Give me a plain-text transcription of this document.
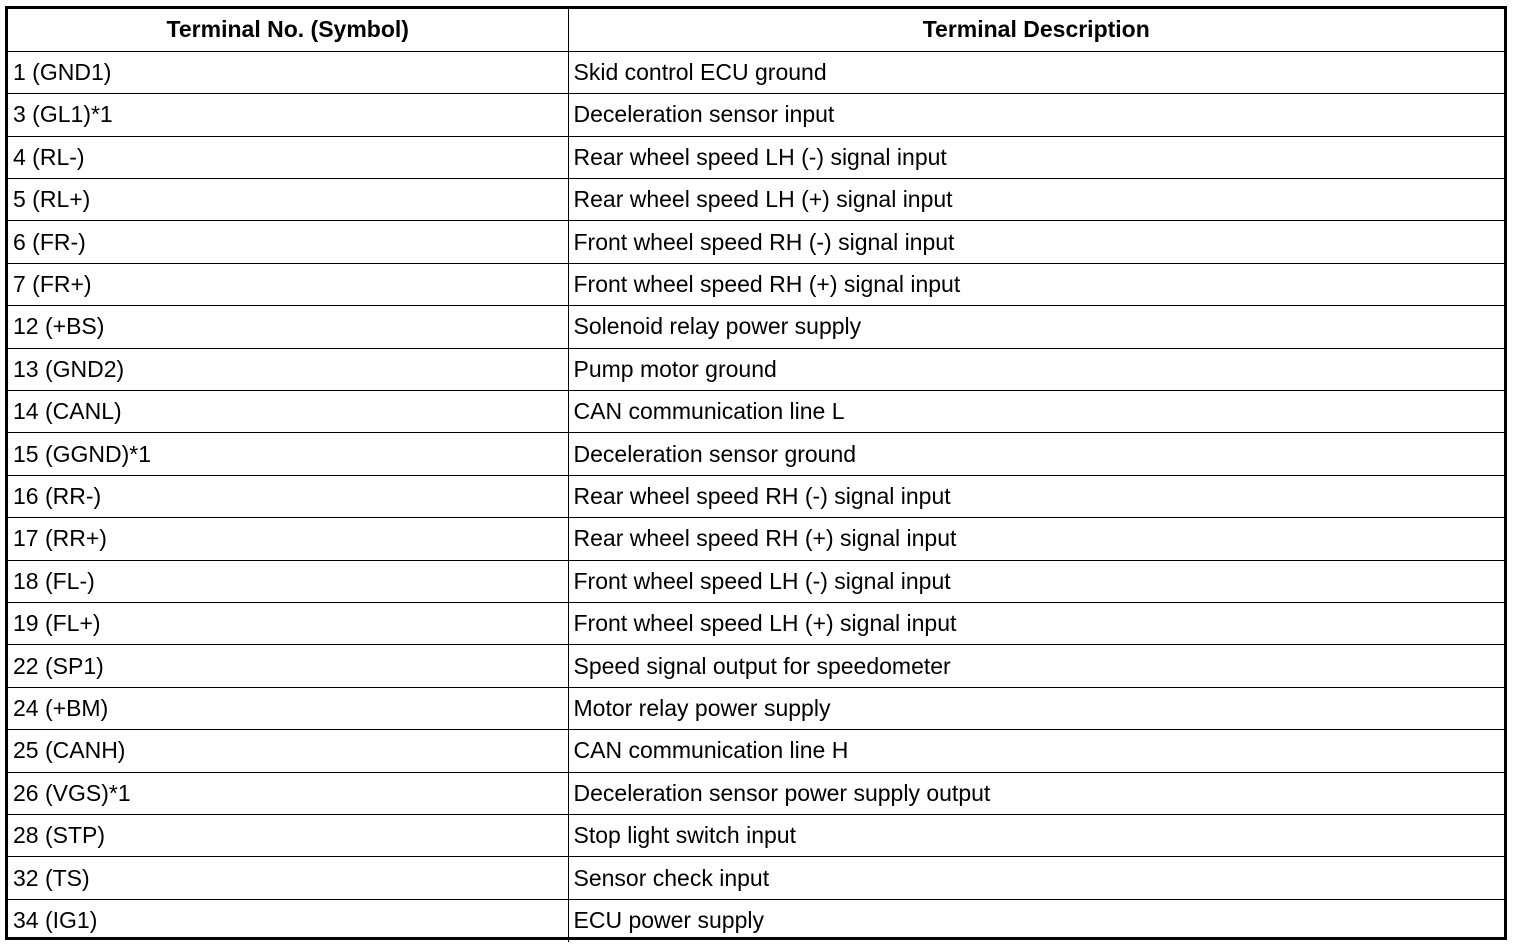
Terminal No. (Symbol)	Terminal Description
1 (GND1)	Skid control ECU ground
3 (GL1)*1	Deceleration sensor input
4 (RL-)	Rear wheel speed LH (-) signal input
5 (RL+)	Rear wheel speed LH (+) signal input
6 (FR-)	Front wheel speed RH (-) signal input
7 (FR+)	Front wheel speed RH (+) signal input
12 (+BS)	Solenoid relay power supply
13 (GND2)	Pump motor ground
14 (CANL)	CAN communication line L
15 (GGND)*1	Deceleration sensor ground
16 (RR-)	Rear wheel speed RH (-) signal input
17 (RR+)	Rear wheel speed RH (+) signal input
18 (FL-)	Front wheel speed LH (-) signal input
19 (FL+)	Front wheel speed LH (+) signal input
22 (SP1)	Speed signal output for speedometer
24 (+BM)	Motor relay power supply
25 (CANH)	CAN communication line H
26 (VGS)*1	Deceleration sensor power supply output
28 (STP)	Stop light switch input
32 (TS)	Sensor check input
34 (IG1)	ECU power supply
